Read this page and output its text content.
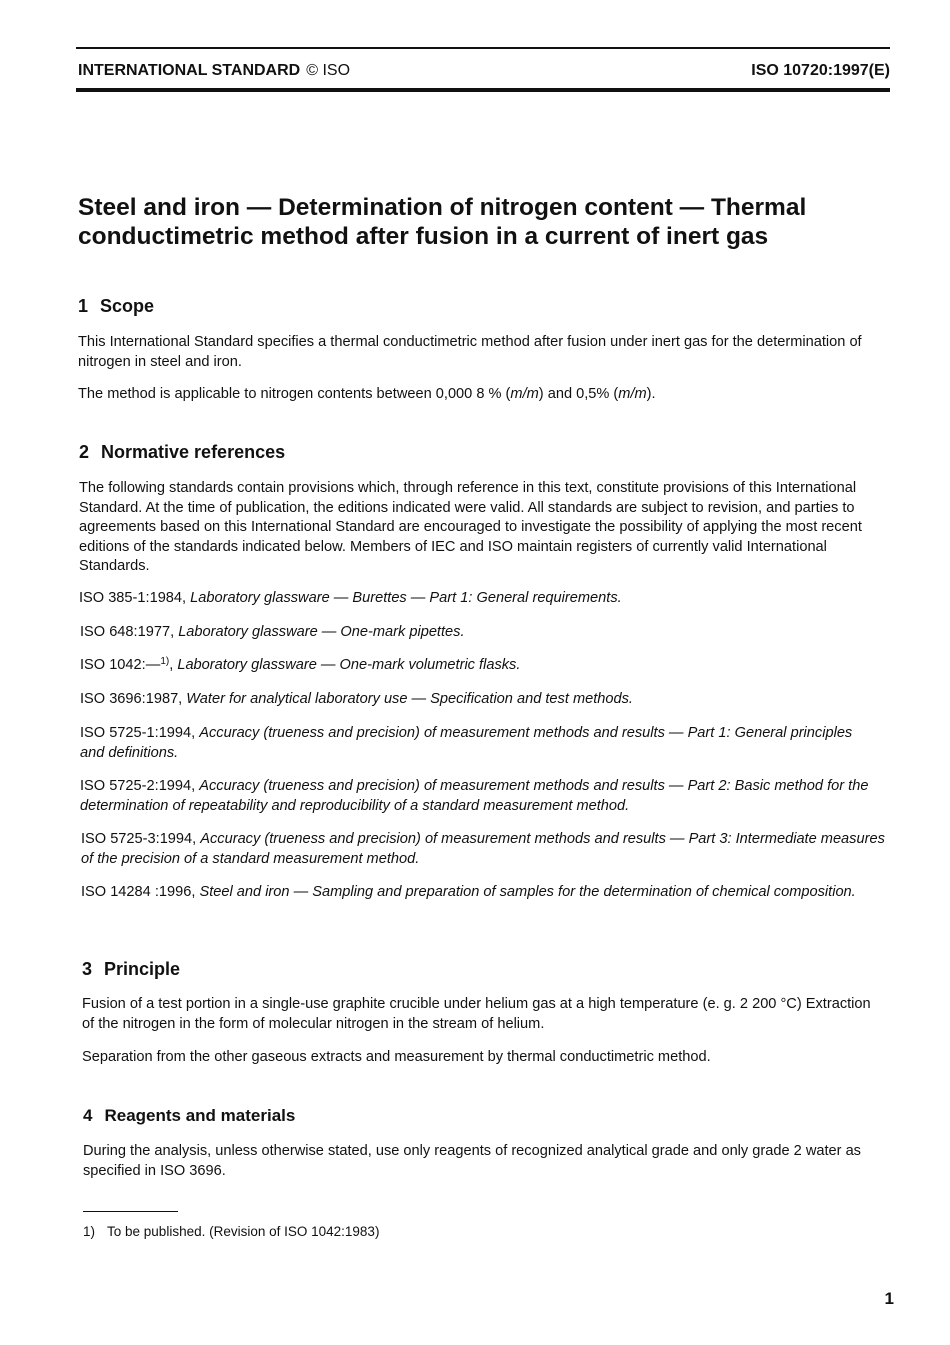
INTERNATIONAL STANDARD © ISO	ISO 10720:1997(E)
Steel and iron — Determination of nitrogen content — Thermal conductimetric method after fusion in a current of inert gas
1 Scope
This International Standard specifies a thermal conductimetric method after fusion under inert gas for the determination of nitrogen in steel and iron.
The method is applicable to nitrogen contents between 0,000 8 % (m/m) and 0,5% (m/m).
2 Normative references
The following standards contain provisions which, through reference in this text, constitute provisions of this International Standard. At the time of publication, the editions indicated were valid. All standards are subject to revision, and parties to agreements based on this International Standard are encouraged to investigate the possibility of applying the most recent editions of the standards indicated below. Members of IEC and ISO maintain registers of currently valid International Standards.
ISO 385-1:1984, Laboratory glassware — Burettes — Part 1: General requirements.
ISO 648:1977, Laboratory glassware — One-mark pipettes.
ISO 1042:—$^{1)}$, Laboratory glassware — One-mark volumetric flasks.
ISO 3696:1987, Water for analytical laboratory use — Specification and test methods.
ISO 5725-1:1994, Accuracy (trueness and precision) of measurement methods and results — Part 1: General principles and definitions.
ISO 5725-2:1994, Accuracy (trueness and precision) of measurement methods and results — Part 2: Basic method for the determination of repeatability and reproducibility of a standard measurement method.
ISO 5725-3:1994, Accuracy (trueness and precision) of measurement methods and results — Part 3: Intermediate measures of the precision of a standard measurement method.
ISO 14284 :1996, Steel and iron — Sampling and preparation of samples for the determination of chemical composition.
3 Principle
Fusion of a test portion in a single-use graphite crucible under helium gas at a high temperature (e. g. 2 200 °C) Extraction of the nitrogen in the form of molecular nitrogen in the stream of helium.
Separation from the other gaseous extracts and measurement by thermal conductimetric method.
4 Reagents and materials
During the analysis, unless otherwise stated, use only reagents of recognized analytical grade and only grade 2 water as specified in ISO 3696.
1) To be published. (Revision of ISO 1042:1983)
1
